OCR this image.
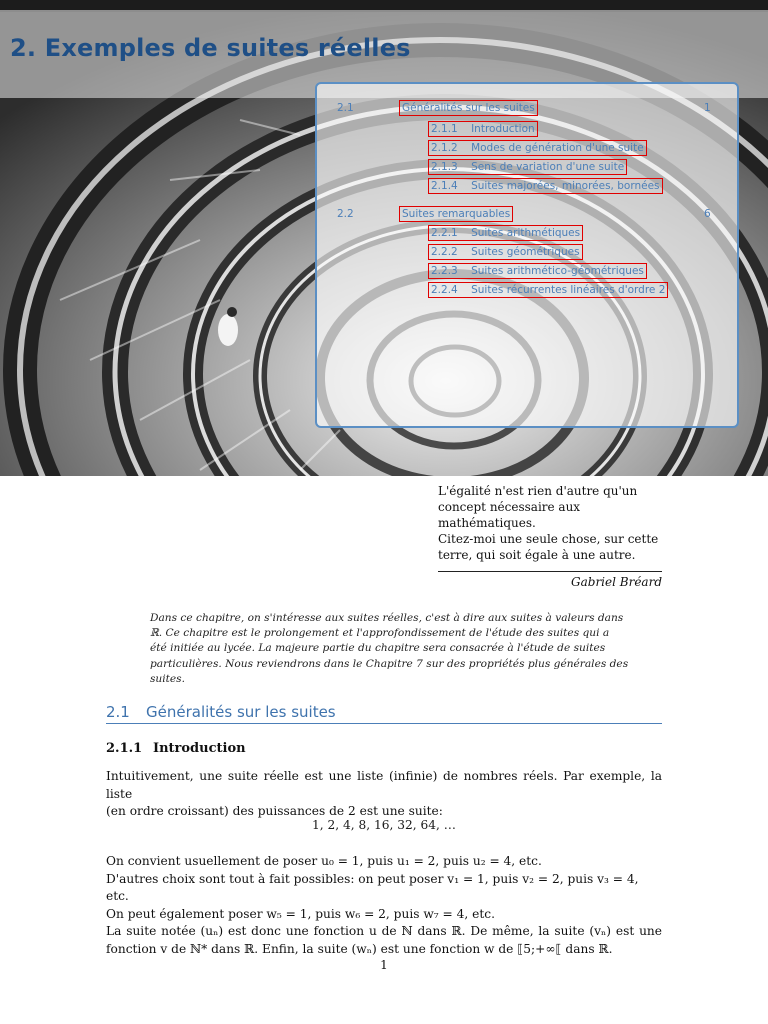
2. Exemples de suites réelles
2.1	Généralités sur les suites	1
2.1.1 Introduction
2.1.2 Modes de génération d'une suite
2.1.3 Sens de variation d'une suite
2.1.4 Suites majorées, minorées, bornées
2.2	Suites remarquables	6
2.2.1 Suites arithmétiques
2.2.2 Suites géométriques
2.2.3 Suites arithmético-géométriques
2.2.4 Suites récurrentes linéaires d'ordre 2
L'égalité n'est rien d'autre qu'un
concept nécessaire aux mathématiques.
Citez-moi une seule chose, sur cette
terre, qui soit égale à une autre.
Gabriel Bréard
Dans ce chapitre, on s'intéresse aux suites réelles, c'est à dire aux suites à valeurs dans
ℝ. Ce chapitre est le prolongement et l'approfondissement de l'étude des suites qui a
été initiée au lycée. La majeure partie du chapitre sera consacrée à l'étude de suites
particulières. Nous reviendrons dans le Chapitre 7 sur des propriétés plus générales des
suites.
2.1 Généralités sur les suites
2.1.1 Introduction
Intuitivement, une suite réelle est une liste (infinie) de nombres réels. Par exemple, la liste
(en ordre croissant) des puissances de 2 est une suite:
1, 2, 4, 8, 16, 32, 64, …
On convient usuellement de poser u₀ = 1, puis u₁ = 2, puis u₂ = 4, etc.
D'autres choix sont tout à fait possibles: on peut poser v₁ = 1, puis v₂ = 2, puis v₃ = 4, etc.
On peut également poser w₅ = 1, puis w₆ = 2, puis w₇ = 4, etc.
La suite notée (uₙ) est donc une fonction u de ℕ dans ℝ. De même, la suite (vₙ) est une
fonction v de ℕ* dans ℝ. Enfin, la suite (wₙ) est une fonction w de ⟦5;+∞⟦ dans ℝ.
1
